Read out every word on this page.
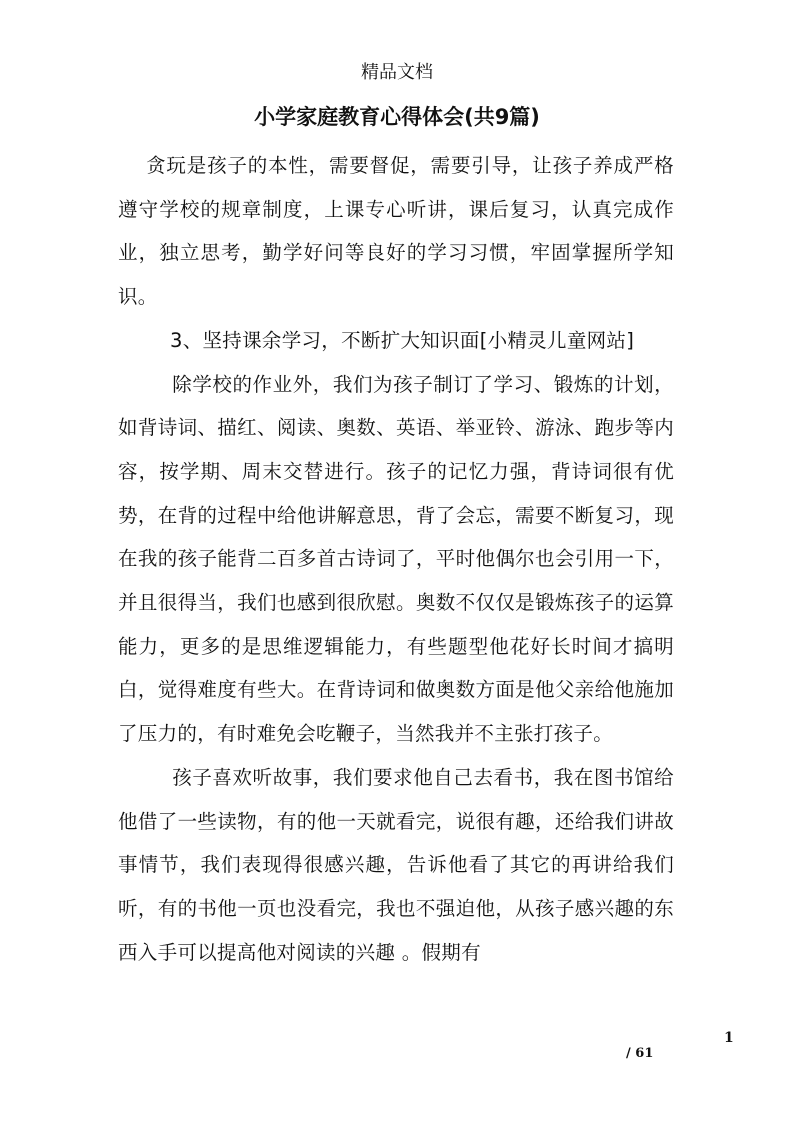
精品文档
小学家庭教育心得体会(共9篇)

贪玩是孩子的本性，需要督促，需要引导，让孩子养成严格遵守学校的规章制度，上课专心听讲，课后复习，认真完成作业，独立思考，勤学好问等良好的学习习惯，牢固掌握所学知识。

3、坚持课余学习，不断扩大知识面[小精灵儿童网站]

除学校的作业外，我们为孩子制订了学习、锻炼的计划，如背诗词、描红、阅读、奥数、英语、举亚铃、游泳、跑步等内容，按学期、周末交替进行。孩子的记忆力强，背诗词很有优势，在背的过程中给他讲解意思，背了会忘，需要不断复习，现在我的孩子能背二百多首古诗词了，平时他偶尔也会引用一下，并且很得当，我们也感到很欣慰。奥数不仅仅是锻炼孩子的运算能力，更多的是思维逻辑能力，有些题型他花好长时间才搞明白，觉得难度有些大。在背诗词和做奥数方面是他父亲给他施加了压力的，有时难免会吃鞭子，当然我并不主张打孩子。

孩子喜欢听故事，我们要求他自己去看书，我在图书馆给他借了一些读物，有的他一天就看完，说很有趣，还给我们讲故事情节，我们表现得很感兴趣，告诉他看了其它的再讲给我们听，有的书他一页也没看完，我也不强迫他，从孩子感兴趣的东西入手可以提高他对阅读的兴趣 。假期有

1
/ 61
